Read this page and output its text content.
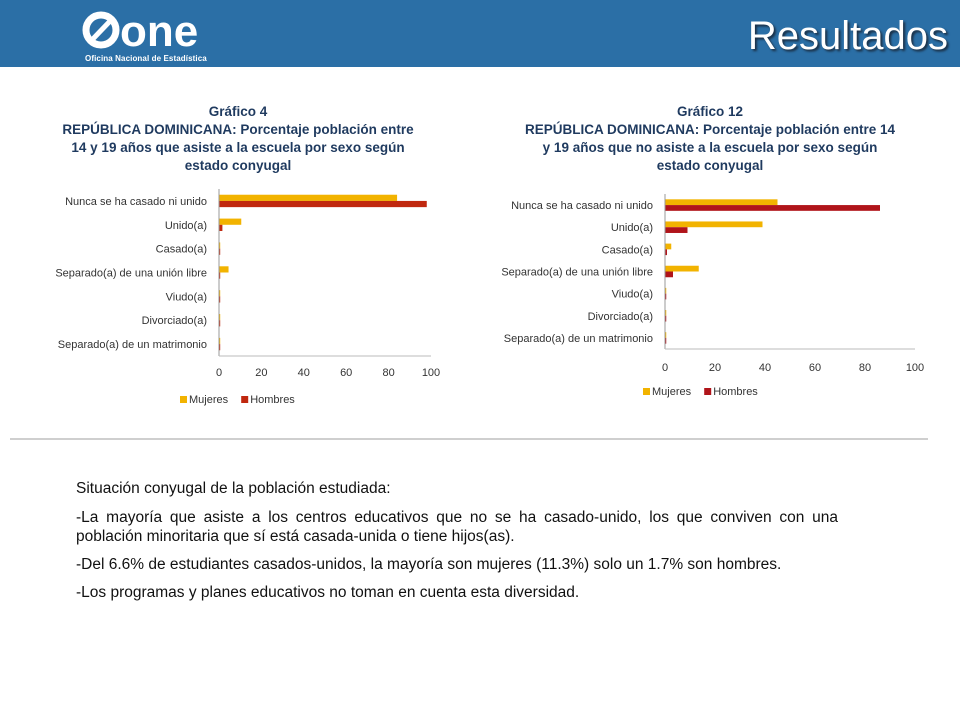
one
Oficina Nacional de Estadística
Resultados
Gráfico 4
REPÚBLICA DOMINICANA: Porcentaje población entre 14 y 19 años que asiste a la escuela por sexo según estado conyugal
Nunca se ha casado ni unido
Unido(a)
Casado(a)
Separado(a) de una unión libre
Viudo(a)
Divorciado(a)
Separado(a) de un matrimonio
0	20	40	60	80 100
Mujeres Hombres
Gráfico 12
REPÚBLICA DOMINICANA: Porcentaje población entre 14 y 19 años que no asiste a la escuela por sexo según estado conyugal
Nunca se ha casado ni unido
Unido(a)
Casado(a)
Separado(a) de una unión libre
Viudo(a)
Divorciado(a)
Separado(a) de un matrimonio
0	20	40	60	80	100
Mujeres Hombres

Situación conyugal de la población estudiada:

-La mayoría que asiste a los centros educativos que no se ha casado-unido, los que conviven con una población minoritaria que sí está casada-unida o tiene hijos(as).

-Del 6.6% de estudiantes casados-unidos, la mayoría son mujeres (11.3%) solo un 1.7% son hombres.

-Los programas y planes educativos no toman en cuenta esta diversidad.
